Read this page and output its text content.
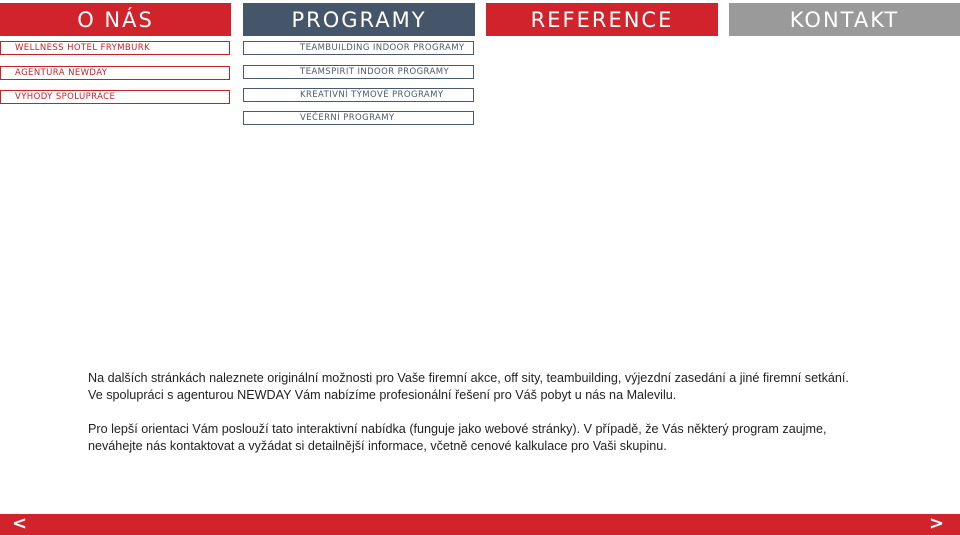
O NÁS	PROGRAMY	REFERENCE	KONTAKT
WELLNESS HOTEL FRYMBURK
AGENTURA NEWDAY
VÝHODY SPOLUPRÁCE
TEAMBUILDING INDOOR PROGRAMY
TEAMSPIRIT INDOOR PROGRAMY
KREATIVNÍ TÝMOVÉ PROGRAMY
VEČERNÍ PROGRAMY

Na dalších stránkách naleznete originální možnosti pro Vaše firemní akce, off sity, teambuilding, výjezdní zasedání a jiné firemní setkání.

Ve spolupráci s agenturou NEWDAY Vám nabízíme profesionální řešení pro Váš pobyt u nás na Malevilu.

Pro lepší orientaci Vám poslouží tato interaktivní nabídka (funguje jako webové stránky). V případě, že Vás některý program zaujme,

neváhejte nás kontaktovat a vyžádat si detailnější informace, včetně cenové kalkulace pro Vaši skupinu.

<	>
